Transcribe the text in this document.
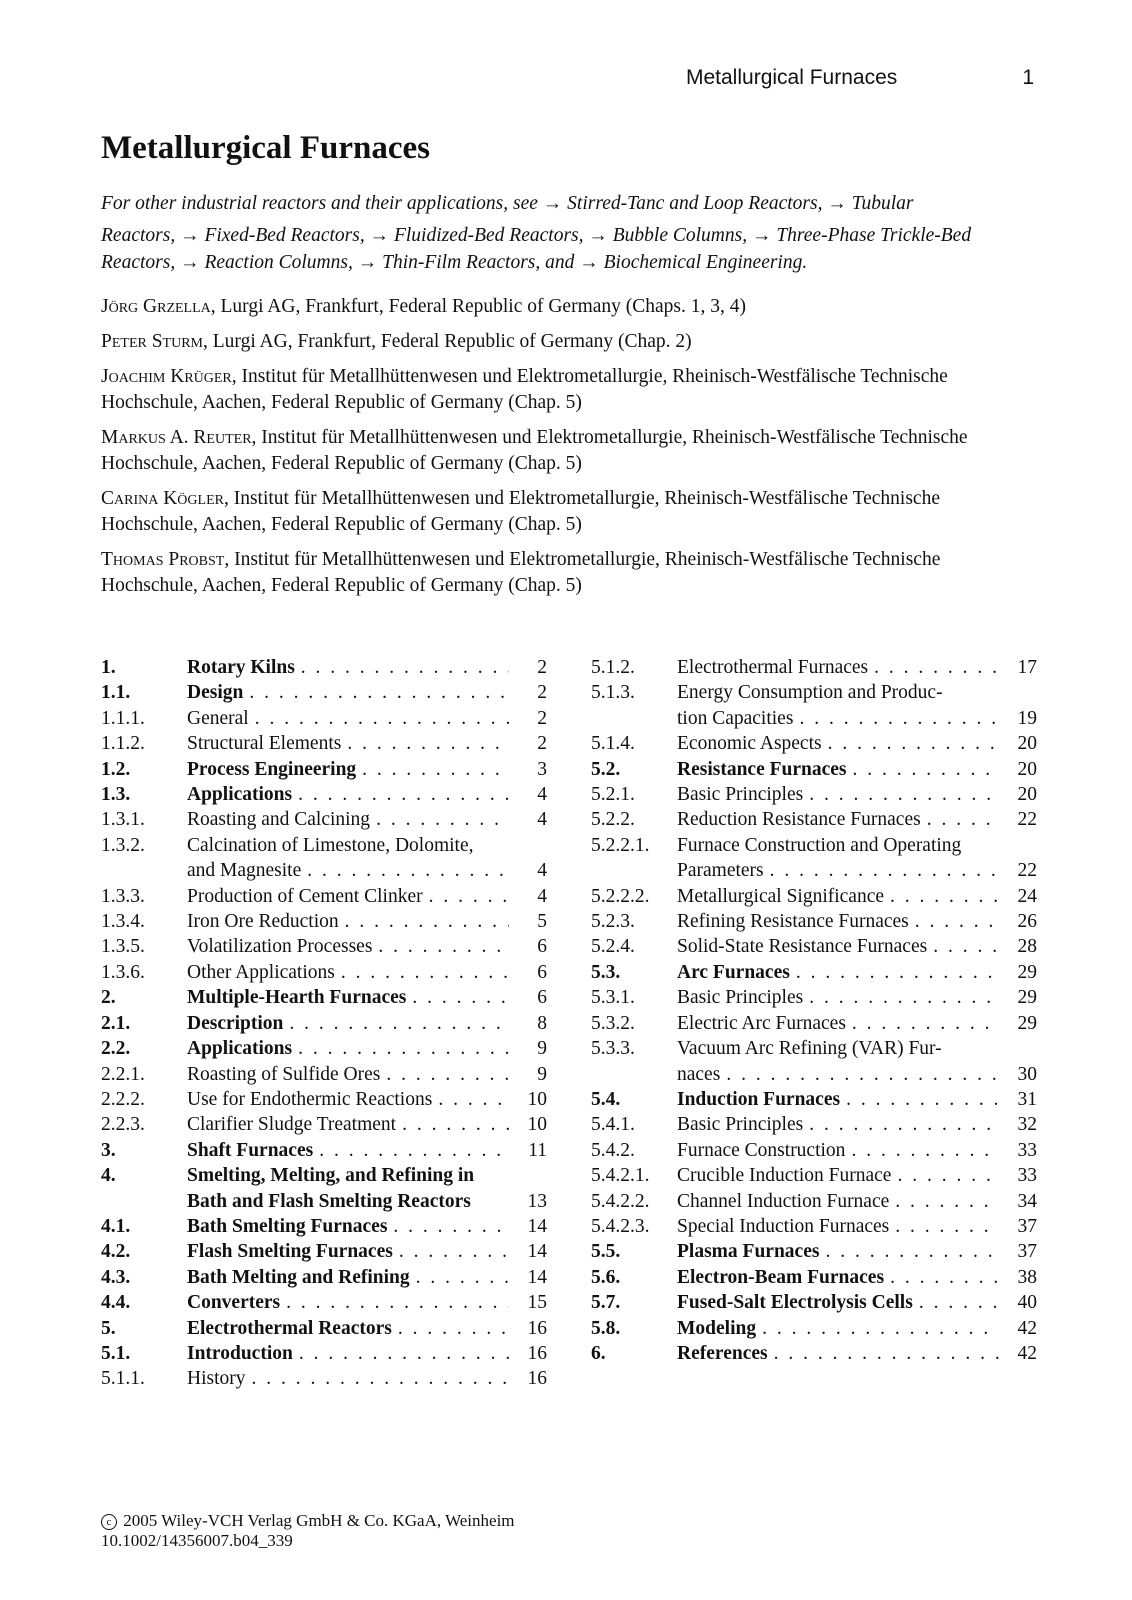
Metallurgical Furnaces	1
Metallurgical Furnaces
For other industrial reactors and their applications, see → Stirred-Tanc and Loop Reactors, → Tubular
Reactors, → Fixed-Bed Reactors, → Fluidized-Bed Reactors, → Bubble Columns, → Three-Phase Trickle-Bed
Reactors, → Reaction Columns, → Thin-Film Reactors, and → Biochemical Engineering.

Jörg Grzella, Lurgi AG, Frankfurt, Federal Republic of Germany (Chaps. 1, 3, 4)

Peter Sturm, Lurgi AG, Frankfurt, Federal Republic of Germany (Chap. 2)

Joachim Krüger, Institut für Metallhüttenwesen und Elektrometallurgie, Rheinisch-Westfälische Technische Hochschule, Aachen, Federal Republic of Germany (Chap. 5)

Markus A. Reuter, Institut für Metallhüttenwesen und Elektrometallurgie, Rheinisch-Westfälische Technische Hochschule, Aachen, Federal Republic of Germany (Chap. 5)

Carina Kögler, Institut für Metallhüttenwesen und Elektrometallurgie, Rheinisch-Westfälische Technische Hochschule, Aachen, Federal Republic of Germany (Chap. 5)

Thomas Probst, Institut für Metallhüttenwesen und Elektrometallurgie, Rheinisch-Westfälische Technische Hochschule, Aachen, Federal Republic of Germany (Chap. 5)

1.	Rotary Kilns . . .	2
1.1.	Design . . .	2
1.1.1.	General . . .	2
1.1.2.	Structural Elements . . .	2
1.2.	Process Engineering . . .	3
1.3.	Applications . . .	4
1.3.1.	Roasting and Calcining . . .	4
1.3.2.	Calcination of Limestone, Dolomite,
and Magnesite . . .	4
1.3.3.	Production of Cement Clinker . . .	4
1.3.4.	Iron Ore Reduction . . .	5
1.3.5.	Volatilization Processes . . .	6
1.3.6.	Other Applications . . .	6
2.	Multiple-Hearth Furnaces . . .	6
2.1.	Description . . .	8
2.2.	Applications . . .	9
2.2.1.	Roasting of Sulfide Ores . . .	9
2.2.2.	Use for Endothermic Reactions . . .	10
2.2.3.	Clarifier Sludge Treatment . . .	10
3.	Shaft Furnaces . . .	11
4.	Smelting, Melting, and Refining in
Bath and Flash Smelting Reactors	13
4.1.	Bath Smelting Furnaces . . .	14
4.2.	Flash Smelting Furnaces . . .	14
4.3.	Bath Melting and Refining . . .	14
4.4.	Converters . . .	15
5.	Electrothermal Reactors . . .	16
5.1.	Introduction . . .	16
5.1.1.	History . . .	16
5.1.2.	Electrothermal Furnaces . . .	17
5.1.3.	Energy Consumption and Produc-
tion Capacities . . .	19
5.1.4.	Economic Aspects . . .	20
5.2.	Resistance Furnaces . . .	20
5.2.1.	Basic Principles . . .	20
5.2.2.	Reduction Resistance Furnaces . . .	22
5.2.2.1.	Furnace Construction and Operating
Parameters . . .	22
5.2.2.2.	Metallurgical Significance . . .	24
5.2.3.	Refining Resistance Furnaces . . .	26
5.2.4.	Solid-State Resistance Furnaces . . .	28
5.3.	Arc Furnaces . . .	29
5.3.1.	Basic Principles . . .	29
5.3.2.	Electric Arc Furnaces . . .	29
5.3.3.	Vacuum Arc Refining (VAR) Fur-
naces . . .	30
5.4.	Induction Furnaces . . .	31
5.4.1.	Basic Principles . . .	32
5.4.2.	Furnace Construction . . .	33
5.4.2.1.	Crucible Induction Furnace . . .	33
5.4.2.2.	Channel Induction Furnace . . .	34
5.4.2.3.	Special Induction Furnaces . . .	37
5.5.	Plasma Furnaces . . .	37
5.6.	Electron-Beam Furnaces . . .	38
5.7.	Fused-Salt Electrolysis Cells . . .	40
5.8.	Modeling . . .	42
6.	References . . .	42
c 2005 Wiley-VCH Verlag GmbH & Co. KGaA, Weinheim
10.1002/14356007.b04_339
